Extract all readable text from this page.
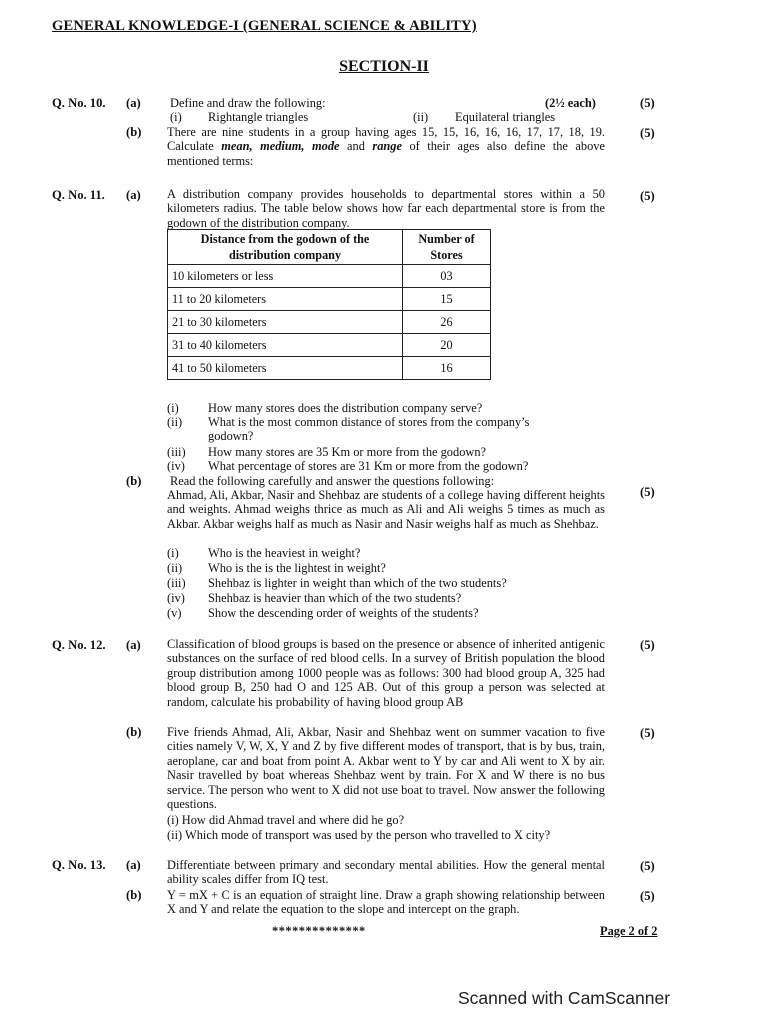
GENERAL KNOWLEDGE-I (GENERAL SCIENCE & ABILITY)
SECTION-II
Q. No. 10. (a) Define and draw the following:	(2½ each)	(5)
(i) Rightangle triangles	(ii) Equilateral triangles
(b) There are nine students in a group having ages 15, 15, 16, 16, 16, 17, 17, 18, 19. Calculate mean, medium, mode and range of their ages also define the above mentioned terms:
(5)
Q. No. 11. (a) A distribution company provides households to departmental stores within a 50 kilometers radius. The table below shows how far each departmental store is from the godown of the distribution company.
(5)
Distance from the godown of the distribution company	Number of Stores
10 kilometers or less	03
11 to 20 kilometers	15
21 to 30 kilometers	26
31 to 40 kilometers	20
41 to 50 kilometers	16
(i) How many stores does the distribution company serve?
(ii) What is the most common distance of stores from the company’s godown?
(iii) How many stores are 35 Km or more from the godown?
(iv) What percentage of stores are 31 Km or more from the godown?
(b) Read the following carefully and answer the questions following:
Ahmad, Ali, Akbar, Nasir and Shehbaz are students of a college having different heights and weights. Ahmad weighs thrice as much as Ali and Ali weighs 5 times as much as Akbar. Akbar weighs half as much as Nasir and Nasir weighs half as much as Shehbaz.
(5)
(i) Who is the heaviest in weight?
(ii) Who is the is the lightest in weight?
(iii) Shehbaz is lighter in weight than which of the two students?
(iv) Shehbaz is heavier than which of the two students?
(v) Show the descending order of weights of the students?
Q. No. 12. (a) Classification of blood groups is based on the presence or absence of inherited antigenic substances on the surface of red blood cells. In a survey of British population the blood group distribution among 1000 people was as follows: 300 had blood group A, 325 had blood group B, 250 had O and 125 AB. Out of this group a person was selected at random, calculate his probability of having blood group AB
(5)
(b) Five friends Ahmad, Ali, Akbar, Nasir and Shehbaz went on summer vacation to five cities namely V, W, X, Y and Z by five different modes of transport, that is by bus, train, aeroplane, car and boat from point A. Akbar went to Y by car and Ali went to X by air. Nasir travelled by boat whereas Shehbaz went by train. For X and W there is no bus service. The person who went to X did not use boat to travel. Now answer the following questions.
(5)
(i) How did Ahmad travel and where did he go?
(ii) Which mode of transport was used by the person who travelled to X city?
Q. No. 13. (a) Differentiate between primary and secondary mental abilities. How the general mental ability scales differ from IQ test.
(5)
(b) Y = mX + C is an equation of straight line. Draw a graph showing relationship between X and Y and relate the equation to the slope and intercept on the graph.
(5)
**************	Page 2 of 2
Scanned with CamScanner
